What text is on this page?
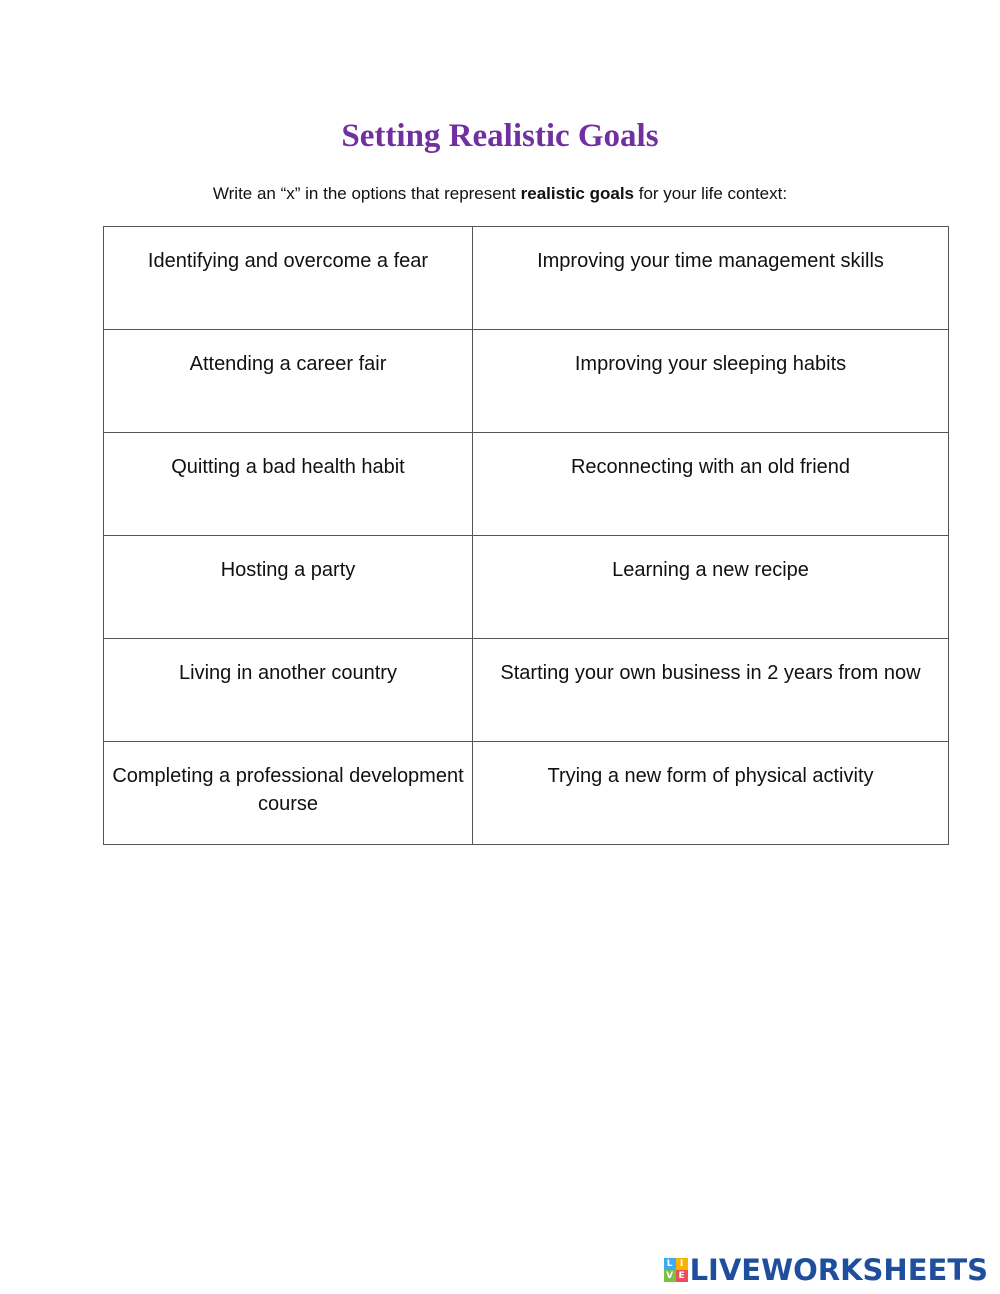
Setting Realistic Goals
Write an “x” in the options that represent realistic goals for your life context:
Identifying and overcome a fear	Improving your time management skills
Attending a career fair	Improving your sleeping habits
Quitting a bad health habit	Reconnecting with an old friend
Hosting a party	Learning a new recipe
Living in another country	Starting your own business in 2 years from now
Completing a professional development course	Trying a new form of physical activity
L I
V E LIVEWORKSHEETS
